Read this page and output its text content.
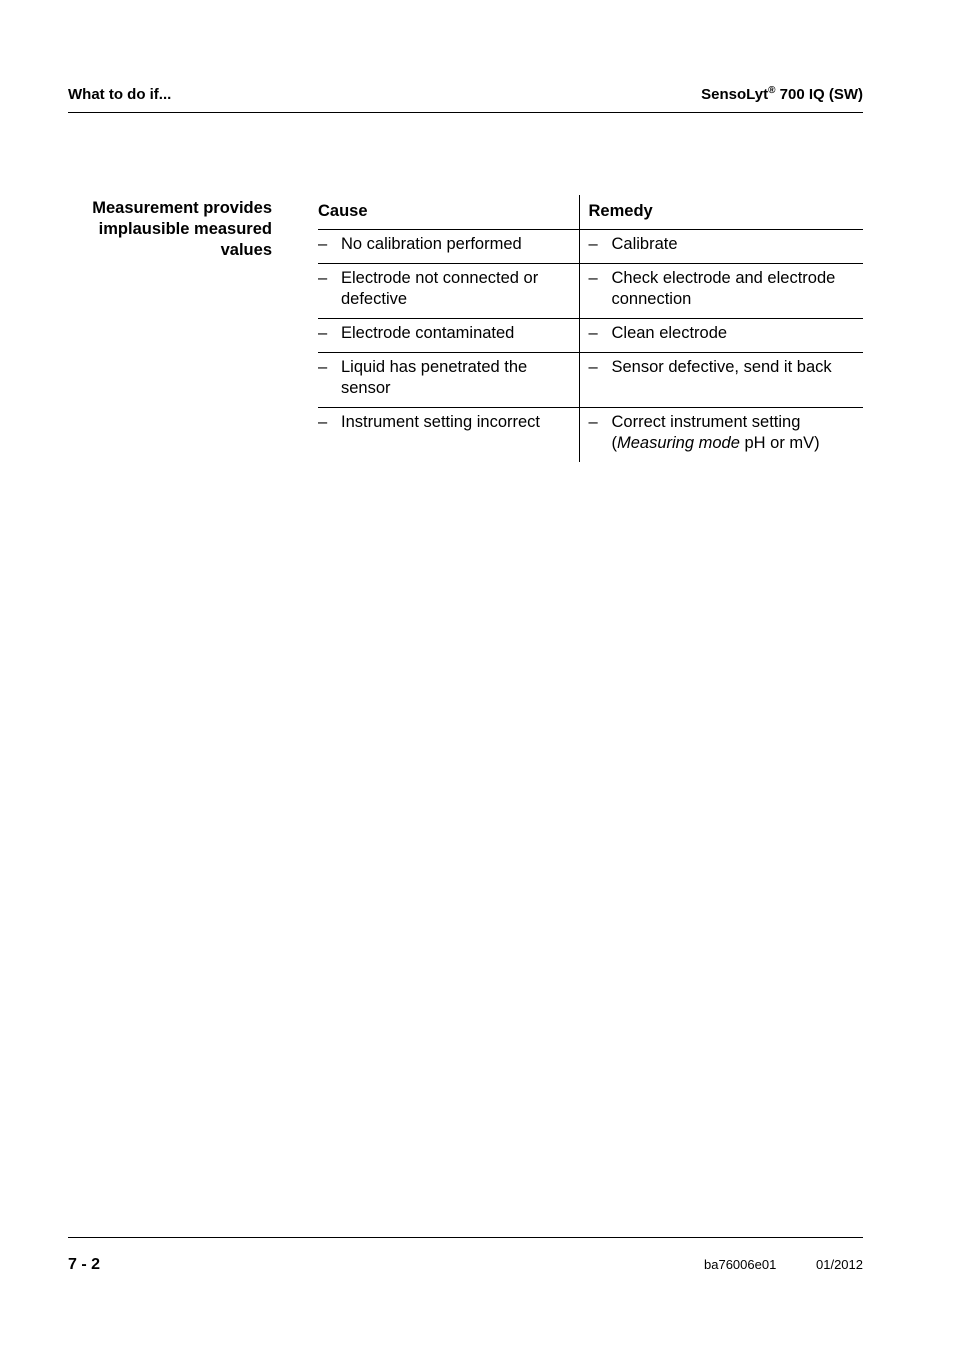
What to do if...	SensoLyt® 700 IQ (SW)
Measurement provides
implausible measured
values
Cause	Remedy

– No calibration performed	– Calibrate

– Electrode not connected or defective	– Check electrode and electrode connection

– Electrode contaminated	– Clean electrode

– Liquid has penetrated the sensor	– Sensor defective, send it back

– Instrument setting incorrect	– Correct instrument setting
(Measuring mode pH or mV)
7 - 2	ba76006e01	01/2012
